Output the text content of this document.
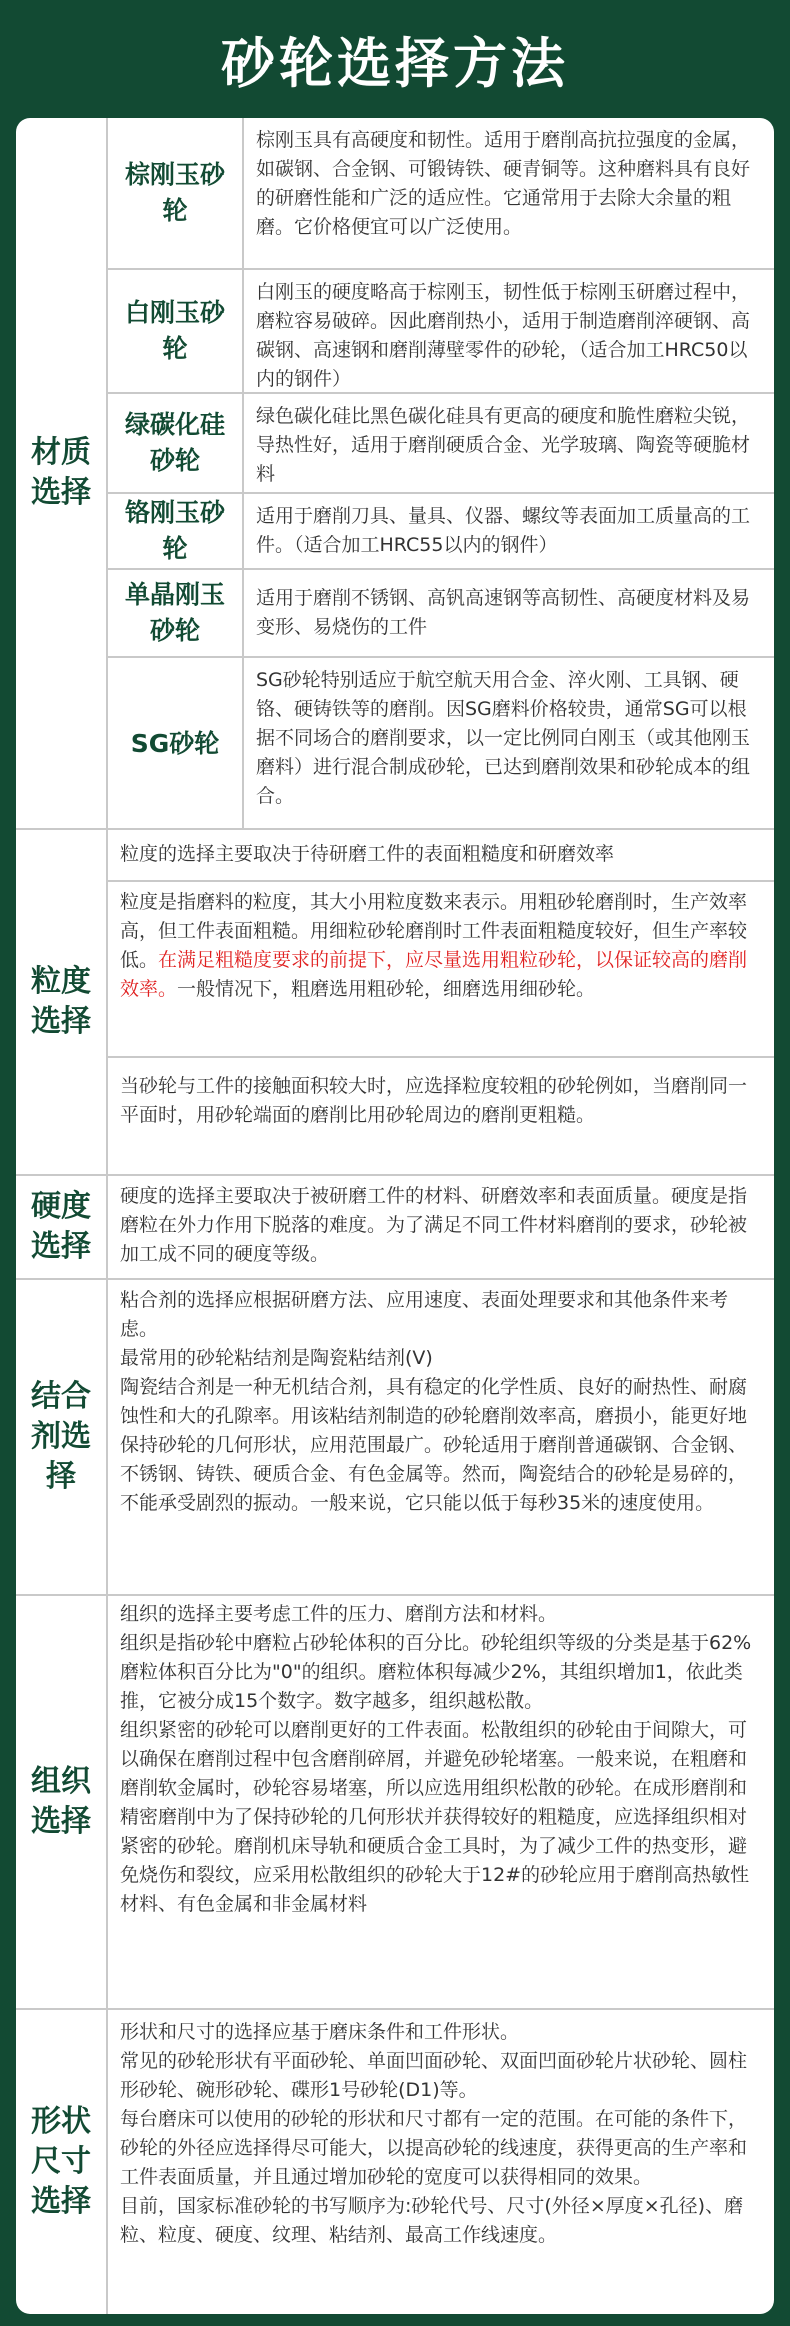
砂轮选择方法
材质选择
棕刚玉砂轮
棕刚玉具有高硬度和韧性。适用于磨削高抗拉强度的金属，如碳钢、合金钢、可锻铸铁、硬青铜等。这种磨料具有良好的研磨性能和广泛的适应性。它通常用于去除大余量的粗磨。它价格便宜可以广泛使用。
白刚玉砂轮
白刚玉的硬度略高于棕刚玉，韧性低于棕刚玉研磨过程中，磨粒容易破碎。因此磨削热小，适用于制造磨削淬硬钢、高碳钢、高速钢和磨削薄壁零件的砂轮，（适合加工HRC50以内的钢件）
绿碳化硅砂轮
绿色碳化硅比黑色碳化硅具有更高的硬度和脆性磨粒尖锐，导热性好，适用于磨削硬质合金、光学玻璃、陶瓷等硬脆材料
铬刚玉砂轮
适用于磨削刀具、量具、仪器、螺纹等表面加工质量高的工件。（适合加工HRC55以内的钢件）
单晶刚玉砂轮
适用于磨削不锈钢、高钒高速钢等高韧性、高硬度材料及易变形、易烧伤的工件
SG砂轮
SG砂轮特别适应于航空航天用合金、淬火刚、工具钢、硬铬、硬铸铁等的磨削。因SG磨料价格较贵，通常SG可以根据不同场合的磨削要求，以一定比例同白刚玉（或其他刚玉磨料）进行混合制成砂轮，已达到磨削效果和砂轮成本的组合。
粒度选择
粒度的选择主要取决于待研磨工件的表面粗糙度和研磨效率
粒度是指磨料的粒度，其大小用粒度数来表示。用粗砂轮磨削时，生产效率高，但工件表面粗糙。用细粒砂轮磨削时工件表面粗糙度较好，但生产率较低。在满足粗糙度要求的前提下，应尽量选用粗粒砂轮，以保证较高的磨削效率。一般情况下，粗磨选用粗砂轮，细磨选用细砂轮。
当砂轮与工件的接触面积较大时，应选择粒度较粗的砂轮例如，当磨削同一平面时，用砂轮端面的磨削比用砂轮周边的磨削更粗糙。
硬度选择
硬度的选择主要取决于被研磨工件的材料、研磨效率和表面质量。硬度是指磨粒在外力作用下脱落的难度。为了满足不同工件材料磨削的要求，砂轮被加工成不同的硬度等级。
结合剂选择
粘合剂的选择应根据研磨方法、应用速度、表面处理要求和其他条件来考虑。
最常用的砂轮粘结剂是陶瓷粘结剂(V)
陶瓷结合剂是一种无机结合剂，具有稳定的化学性质、良好的耐热性、耐腐蚀性和大的孔隙率。用该粘结剂制造的砂轮磨削效率高，磨损小，能更好地保持砂轮的几何形状，应用范围最广。砂轮适用于磨削普通碳钢、合金钢、不锈钢、铸铁、硬质合金、有色金属等。然而，陶瓷结合的砂轮是易碎的，不能承受剧烈的振动。一般来说，它只能以低于每秒35米的速度使用。
组织选择
组织的选择主要考虑工件的压力、磨削方法和材料。
组织是指砂轮中磨粒占砂轮体积的百分比。砂轮组织等级的分类是基于62%磨粒体积百分比为"0"的组织。磨粒体积每减少2%，其组织增加1，依此类推，它被分成15个数字。数字越多，组织越松散。
组织紧密的砂轮可以磨削更好的工件表面。松散组织的砂轮由于间隙大，可以确保在磨削过程中包含磨削碎屑，并避免砂轮堵塞。一般来说，在粗磨和磨削软金属时，砂轮容易堵塞，所以应选用组织松散的砂轮。在成形磨削和精密磨削中为了保持砂轮的几何形状并获得较好的粗糙度，应选择组织相对紧密的砂轮。磨削机床导轨和硬质合金工具时，为了减少工件的热变形，避免烧伤和裂纹，应采用松散组织的砂轮大于12#的砂轮应用于磨削高热敏性材料、有色金属和非金属材料
形状尺寸选择
形状和尺寸的选择应基于磨床条件和工件形状。
常见的砂轮形状有平面砂轮、单面凹面砂轮、双面凹面砂轮片状砂轮、圆柱形砂轮、碗形砂轮、碟形1号砂轮(D1)等。
每台磨床可以使用的砂轮的形状和尺寸都有一定的范围。在可能的条件下，砂轮的外径应选择得尽可能大，以提高砂轮的线速度，获得更高的生产率和工件表面质量，并且通过增加砂轮的宽度可以获得相同的效果。
目前，国家标准砂轮的书写顺序为:砂轮代号、尺寸(外径×厚度×孔径)、磨粒、粒度、硬度、纹理、粘结剂、最高工作线速度。
